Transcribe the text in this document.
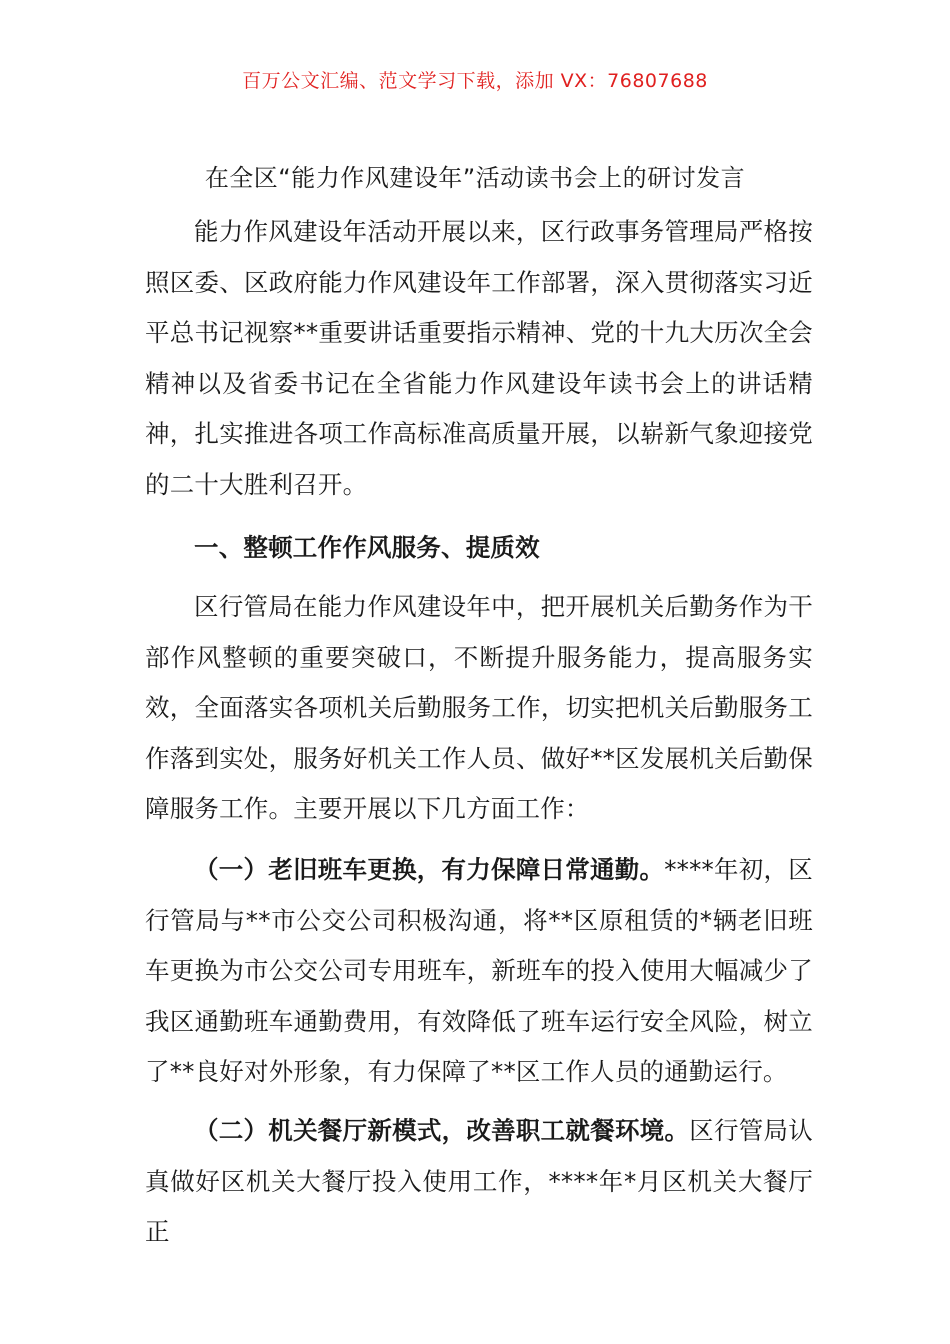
百万公文汇编、范文学习下载，添加 VX：76807688
在全区“能力作风建设年”活动读书会上的研讨发言

能力作风建设年活动开展以来，区行政事务管理局严格按照区委、区政府能力作风建设年工作部署，深入贯彻落实习近平总书记视察**重要讲话重要指示精神、党的十九大历次全会精神以及省委书记在全省能力作风建设年读书会上的讲话精神，扎实推进各项工作高标准高质量开展，以崭新气象迎接党的二十大胜利召开。

一、整顿工作作风服务、提质效

区行管局在能力作风建设年中，把开展机关后勤务作为干部作风整顿的重要突破口，不断提升服务能力，提高服务实效，全面落实各项机关后勤服务工作，切实把机关后勤服务工作落到实处，服务好机关工作人员、做好**区发展机关后勤保障服务工作。主要开展以下几方面工作：

（一）老旧班车更换，有力保障日常通勤。****年初，区行管局与**市公交公司积极沟通，将**区原租赁的*辆老旧班车更换为市公交公司专用班车，新班车的投入使用大幅减少了我区通勤班车通勤费用，有效降低了班车运行安全风险，树立了**良好对外形象，有力保障了**区工作人员的通勤运行。

（二）机关餐厅新模式，改善职工就餐环境。区行管局认真做好区机关大餐厅投入使用工作，****年*月区机关大餐厅正
